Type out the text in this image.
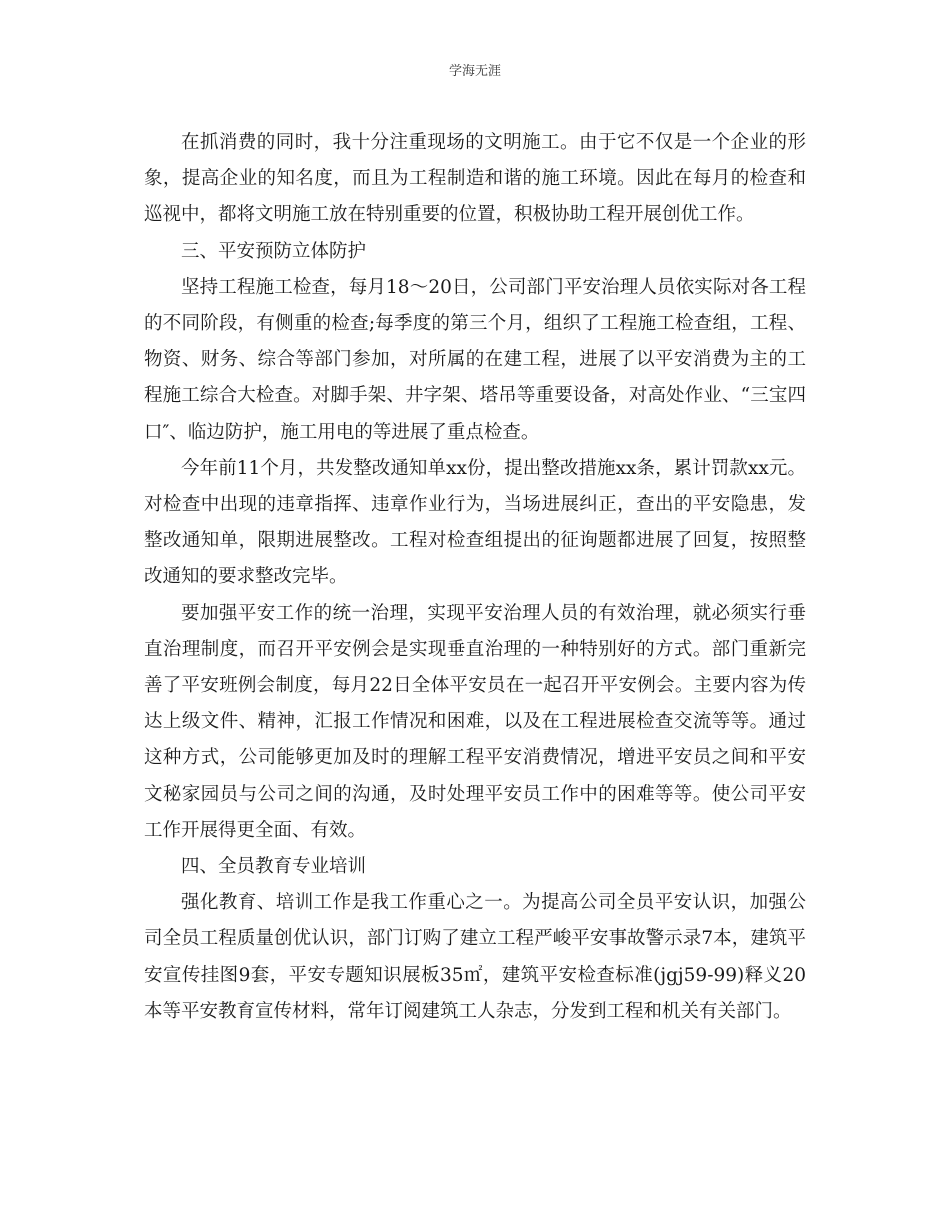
学海无涯

在抓消费的同时，我十分注重现场的文明施工。由于它不仅是一个企业的形象，提高企业的知名度，而且为工程制造和谐的施工环境。因此在每月的检查和巡视中，都将文明施工放在特别重要的位置，积极协助工程开展创优工作。

三、平安预防立体防护

坚持工程施工检查，每月18～20日，公司部门平安治理人员依实际对各工程的不同阶段，有侧重的检查;每季度的第三个月，组织了工程施工检查组，工程、物资、财务、综合等部门参加，对所属的在建工程，进展了以平安消费为主的工程施工综合大检查。对脚手架、井字架、塔吊等重要设备，对高处作业、“三宝四口″、临边防护，施工用电的等进展了重点检查。

今年前11个月，共发整改通知单xx份，提出整改措施xx条，累计罚款xx元。对检查中出现的违章指挥、违章作业行为，当场进展纠正，查出的平安隐患，发整改通知单，限期进展整改。工程对检查组提出的征询题都进展了回复，按照整改通知的要求整改完毕。

要加强平安工作的统一治理，实现平安治理人员的有效治理，就必须实行垂直治理制度，而召开平安例会是实现垂直治理的一种特别好的方式。部门重新完善了平安班例会制度，每月22日全体平安员在一起召开平安例会。主要内容为传达上级文件、精神，汇报工作情况和困难，以及在工程进展检查交流等等。通过这种方式，公司能够更加及时的理解工程平安消费情况，增进平安员之间和平安文秘家园员与公司之间的沟通，及时处理平安员工作中的困难等等。使公司平安工作开展得更全面、有效。

四、全员教育专业培训

强化教育、培训工作是我工作重心之一。为提高公司全员平安认识，加强公司全员工程质量创优认识，部门订购了建立工程严峻平安事故警示录7本，建筑平安宣传挂图9套，平安专题知识展板35㎡，建筑平安检查标准(jgj59-99)释义20本等平安教育宣传材料，常年订阅建筑工人杂志，分发到工程和机关有关部门。
